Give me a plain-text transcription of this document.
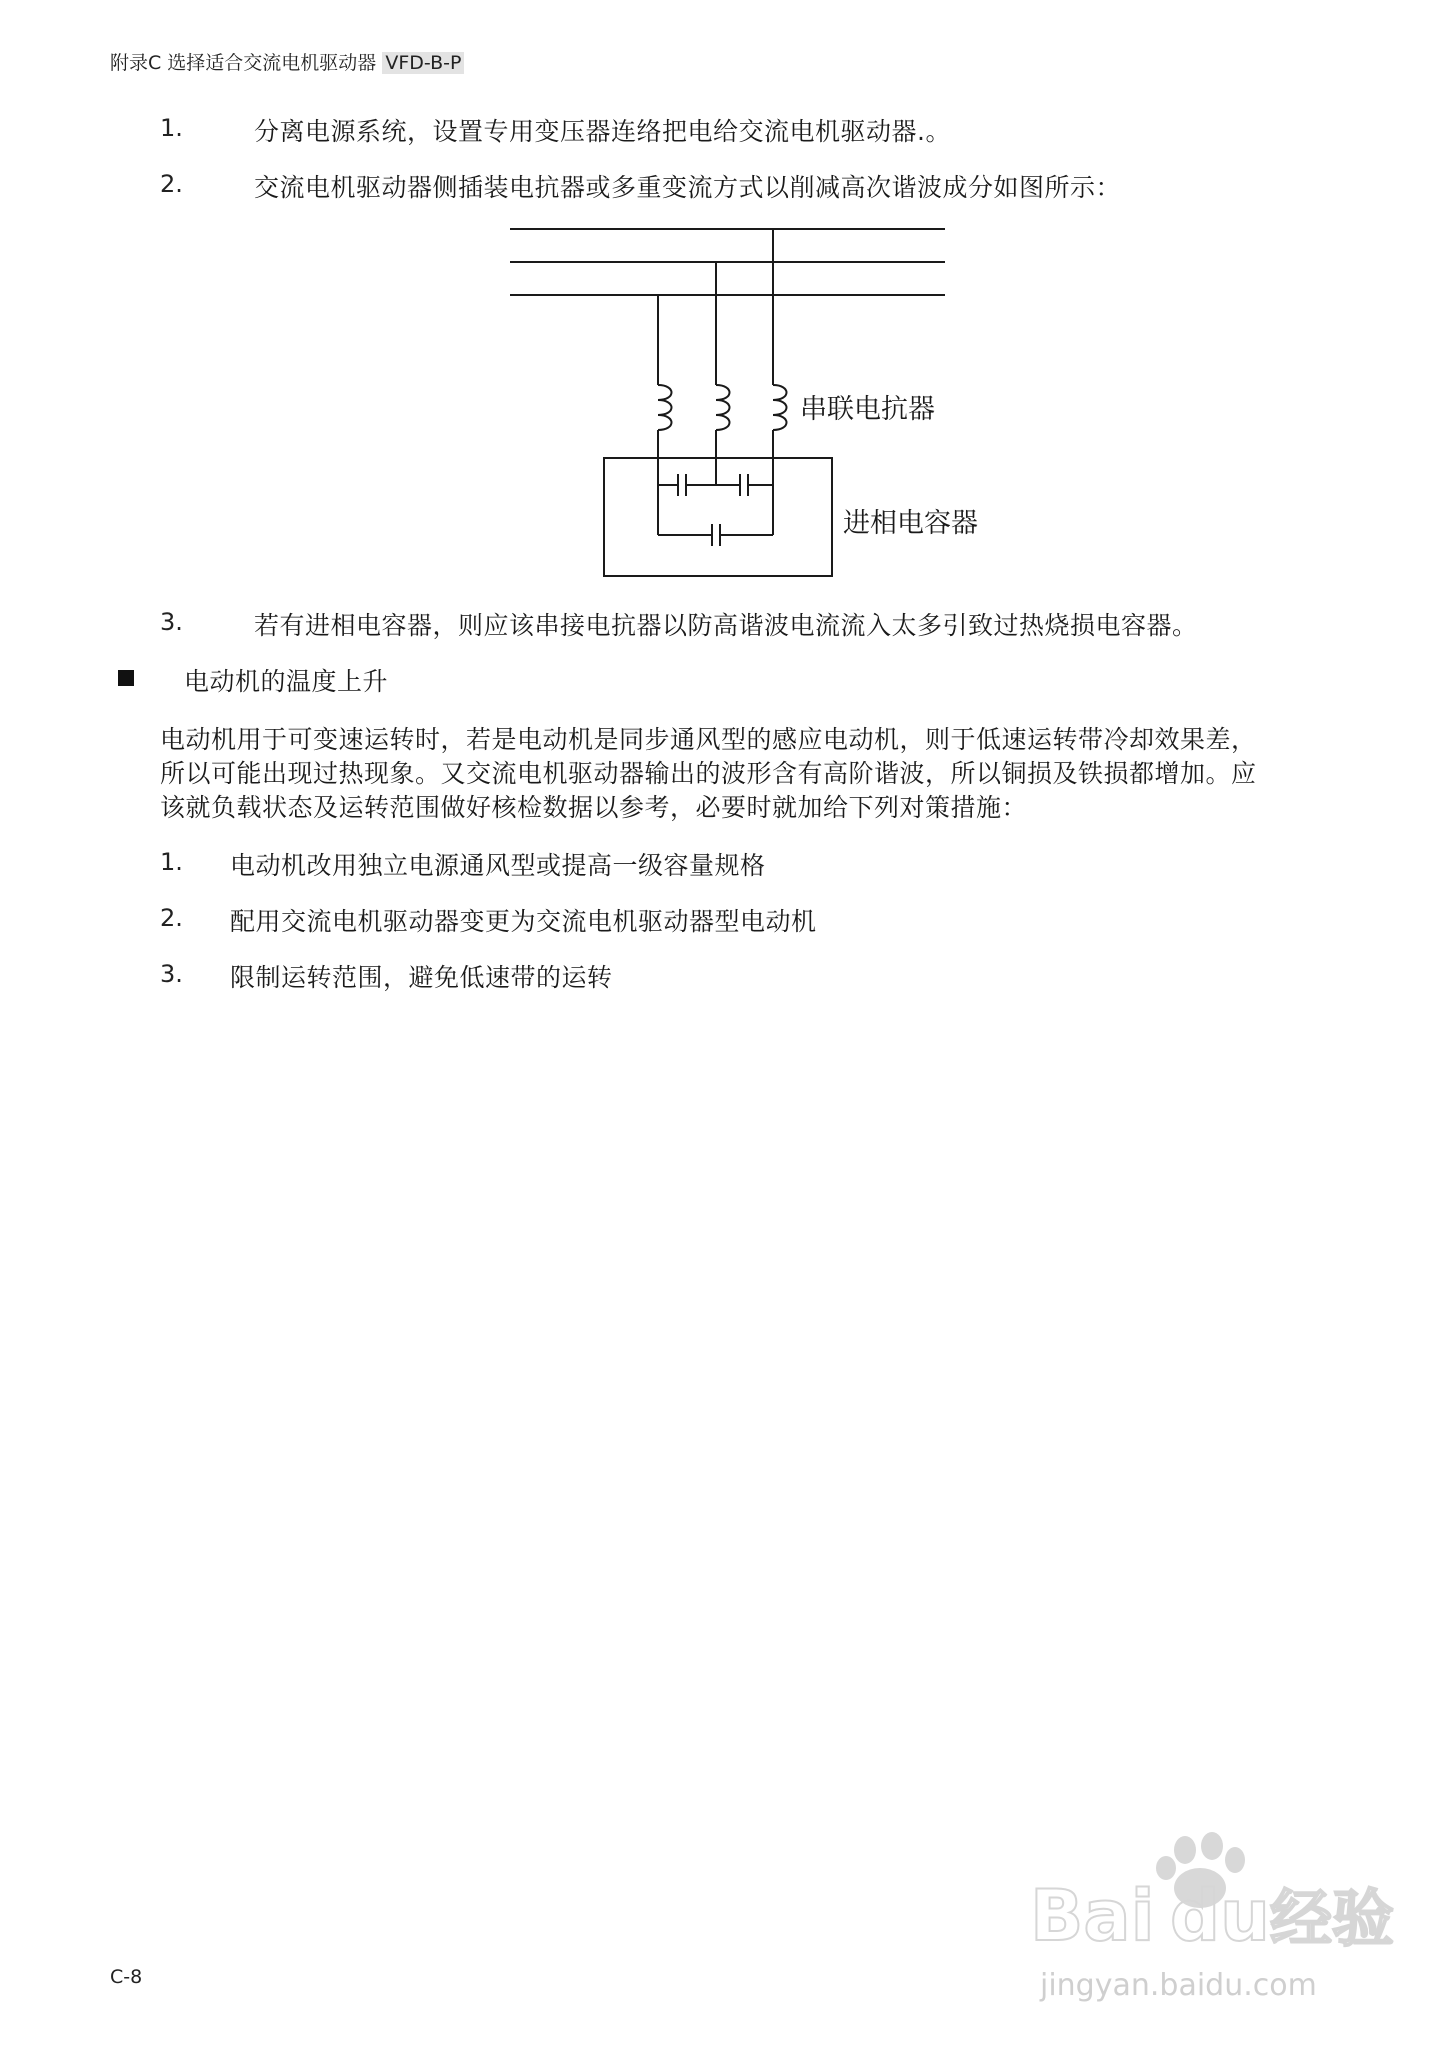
附录C 选择适合交流电机驱动器 VFD-B-P
1.	分离电源系统，设置专用变压器连络把电给交流电机驱动器.。
2.	交流电机驱动器侧插装电抗器或多重变流方式以削减高次谐波成分如图所示：
串联电抗器
进相电容器
3.	若有进相电容器，则应该串接电抗器以防高谐波电流流入太多引致过热烧损电容器。
电动机的温度上升
电动机用于可变速运转时，若是电动机是同步通风型的感应电动机，则于低速运转带冷却效果差，
所以可能出现过热现象。又交流电机驱动器输出的波形含有高阶谐波，所以铜损及铁损都增加。应
该就负载状态及运转范围做好核检数据以参考，必要时就加给下列对策措施：
1. 电动机改用独立电源通风型或提高一级容量规格
2. 配用交流电机驱动器变更为交流电机驱动器型电动机
3. 限制运转范围，避免低速带的运转
C-8
Bai du 经验
jingyan.baidu.com
